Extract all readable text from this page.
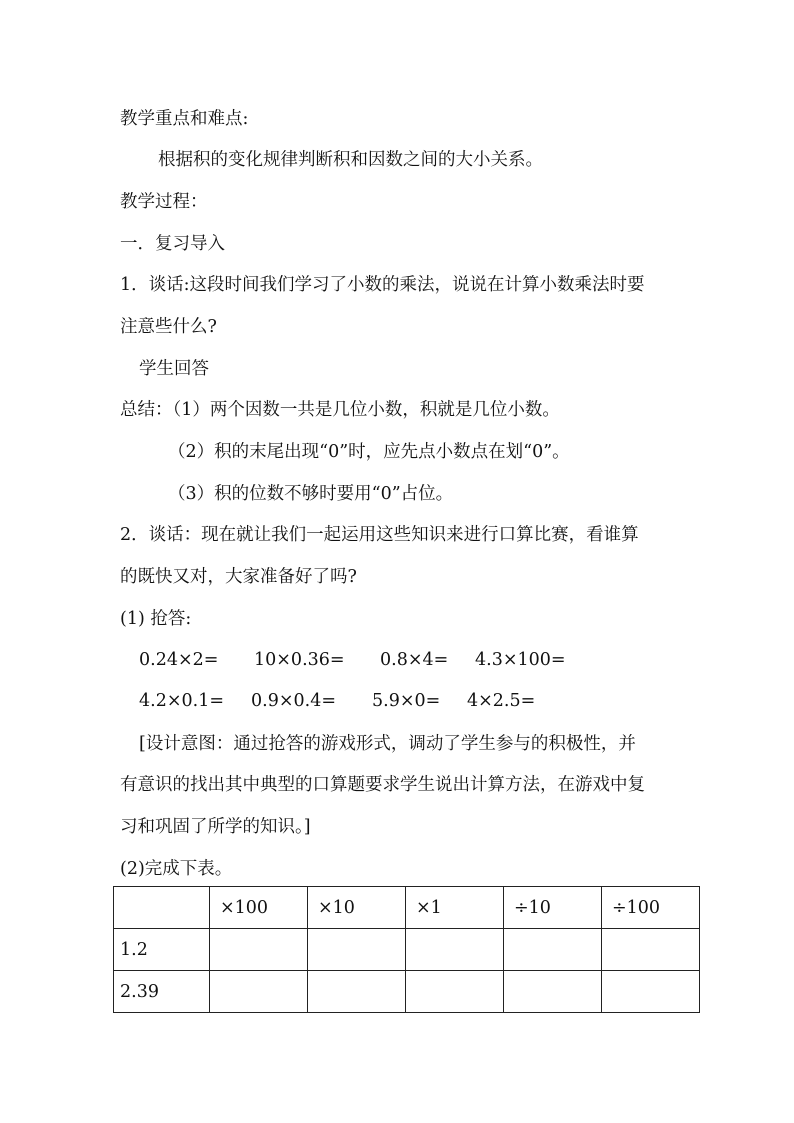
教学重点和难点:
根据积的变化规律判断积和因数之间的大小关系。
教学过程：
一．复习导入
1．谈话:这段时间我们学习了小数的乘法，说说在计算小数乘法时要
注意些什么?
学生回答
总结：（1）两个因数一共是几位小数，积就是几位小数。
（2）积的末尾出现“0”时，应先点小数点在划“0”。
（3）积的位数不够时要用“0”占位。
2．谈话：现在就让我们一起运用这些知识来进行口算比赛，看谁算
的既快又对，大家准备好了吗?
(1) 抢答:
0.24×2= 10×0.36= 0.8×4= 4.3×100=
4.2×0.1= 0.9×0.4= 5.9×0= 4×2.5=
[设计意图：通过抢答的游戏形式，调动了学生参与的积极性，并
有意识的找出其中典型的口算题要求学生说出计算方法，在游戏中复
习和巩固了所学的知识。]
(2)完成下表。
	×100	×10	×1	÷10	÷100
1.2					
2.39					
